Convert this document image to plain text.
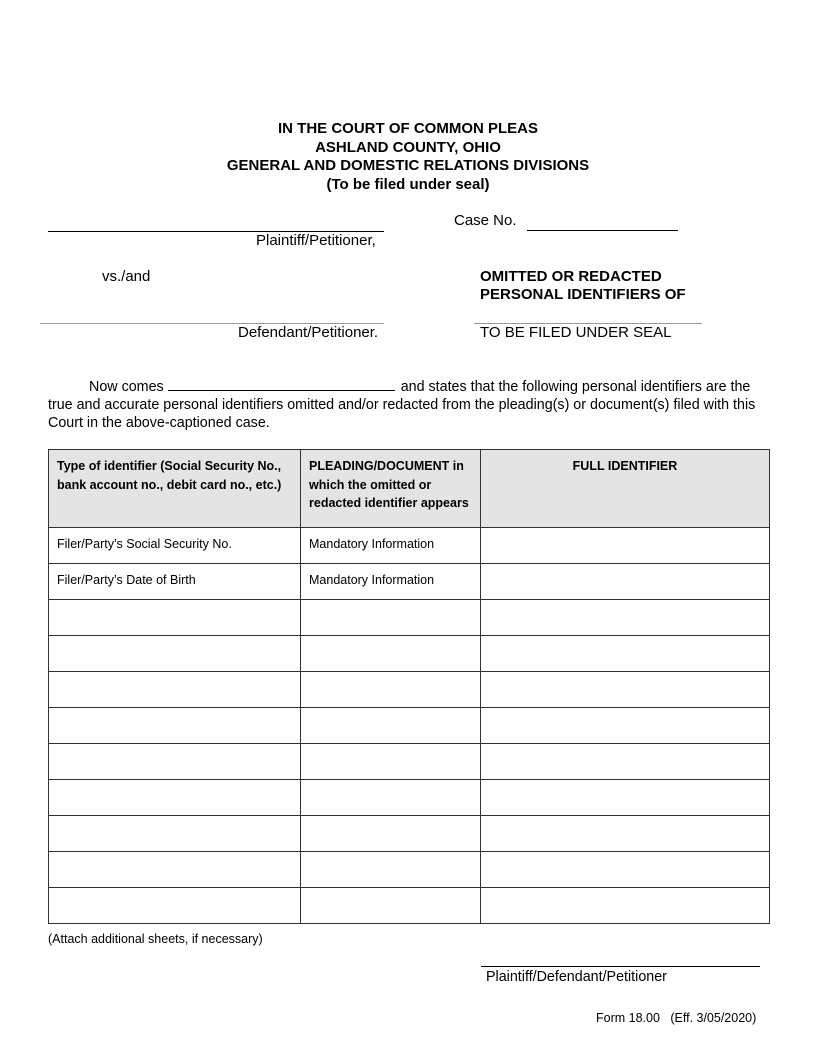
IN THE COURT OF COMMON PLEAS
ASHLAND COUNTY, OHIO
GENERAL AND DOMESTIC RELATIONS DIVISIONS
(To be filed under seal)
Plaintiff/Petitioner,
Case No.
vs./and	OMITTED OR REDACTED
PERSONAL IDENTIFIERS OF
Defendant/Petitioner.	TO BE FILED UNDER SEAL
Now comes	and states that the following personal identifiers are the true and accurate personal identifiers omitted and/or redacted from the pleading(s) or document(s) filed with this Court in the above-captioned case.
Type of identifier (Social Security No., bank account no., debit card no., etc.)	PLEADING/DOCUMENT in which the omitted or redacted identifier appears	FULL IDENTIFIER
Filer/Party’s Social Security No.	Mandatory Information	
Filer/Party’s Date of Birth	Mandatory Information	

(Attach additional sheets, if necessary)
Plaintiff/Defendant/Petitioner
Form 18.00 (Eff. 3/05/2020)
